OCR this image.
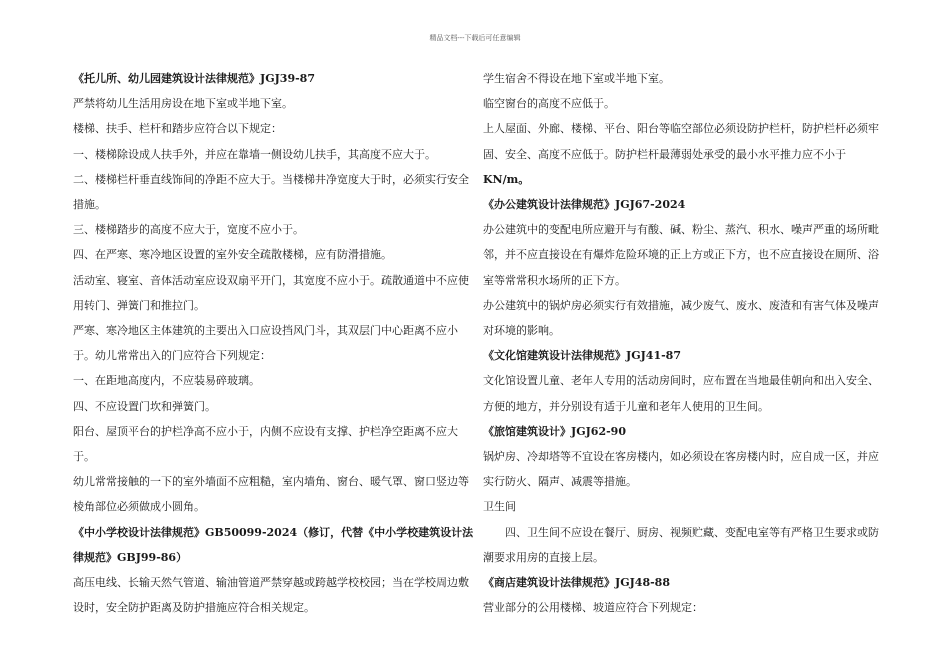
精品文档---下载后可任意编辑

《托儿所、幼儿园建筑设计法律规范》JGJ39-87

严禁将幼儿生活用房设在地下室或半地下室。

楼梯、扶手、栏杆和踏步应符合以下规定：

一、楼梯除设成人扶手外，并应在靠墙一侧设幼儿扶手，其高度不应大于。

二、楼梯栏杆垂直线饰间的净距不应大于。当楼梯井净宽度大于时，必须实行安全措施。

三、楼梯踏步的高度不应大于，宽度不应小于。

四、在严寒、寒冷地区设置的室外安全疏散楼梯，应有防滑措施。

活动室、寝室、音体活动室应设双扇平开门，其宽度不应小于。疏散通道中不应使用转门、弹簧门和推拉门。

严寒、寒冷地区主体建筑的主要出入口应设挡风门斗，其双层门中心距离不应小于。幼儿常常出入的门应符合下列规定：

一、在距地高度内，不应装易碎玻璃。

四、不应设置门坎和弹簧门。

阳台、屋顶平台的护栏净高不应小于，内侧不应设有支撑、护栏净空距离不应大于。

幼儿常常接触的一下的室外墙面不应粗糙，室内墙角、窗台、暖气罩、窗口竖边等棱角部位必须做成小圆角。

《中小学校设计法律规范》GB50099-2024（修订，代替《中小学校建筑设计法律规范》GBJ99-86）

高压电线、长输天然气管道、输油管道严禁穿越或跨越学校校园；当在学校周边敷设时，安全防护距离及防护措施应符合相关规定。

学生宿舍不得设在地下室或半地下室。

临空窗台的高度不应低于。

上人屋面、外廊、楼梯、平台、阳台等临空部位必须设防护栏杆，防护栏杆必须牢固、安全、高度不应低于。防护栏杆最薄弱处承受的最小水平推力应不小于

KN/m。

《办公建筑设计法律规范》JGJ67-2024

办公建筑中的变配电所应避开与有酸、碱、粉尘、蒸汽、积水、噪声严重的场所毗邻，并不应直接设在有爆炸危险环境的正上方或正下方，也不应直接设在厕所、浴室等常常积水场所的正下方。

办公建筑中的锅炉房必须实行有效措施，减少废气、废水、废渣和有害气体及噪声对环境的影响。

《文化馆建筑设计法律规范》JGJ41-87

文化馆设置儿童、老年人专用的活动房间时，应布置在当地最佳朝向和出入安全、方便的地方，并分别设有适于儿童和老年人使用的卫生间。

《旅馆建筑设计》JGJ62-90

锅炉房、冷却塔等不宜设在客房楼内，如必须设在客房楼内时，应自成一区，并应实行防火、隔声、减震等措施。

卫生间

四、卫生间不应设在餐厅、厨房、视频贮藏、变配电室等有严格卫生要求或防潮要求用房的直接上层。

《商店建筑设计法律规范》JGJ48-88

营业部分的公用楼梯、坡道应符合下列规定：
